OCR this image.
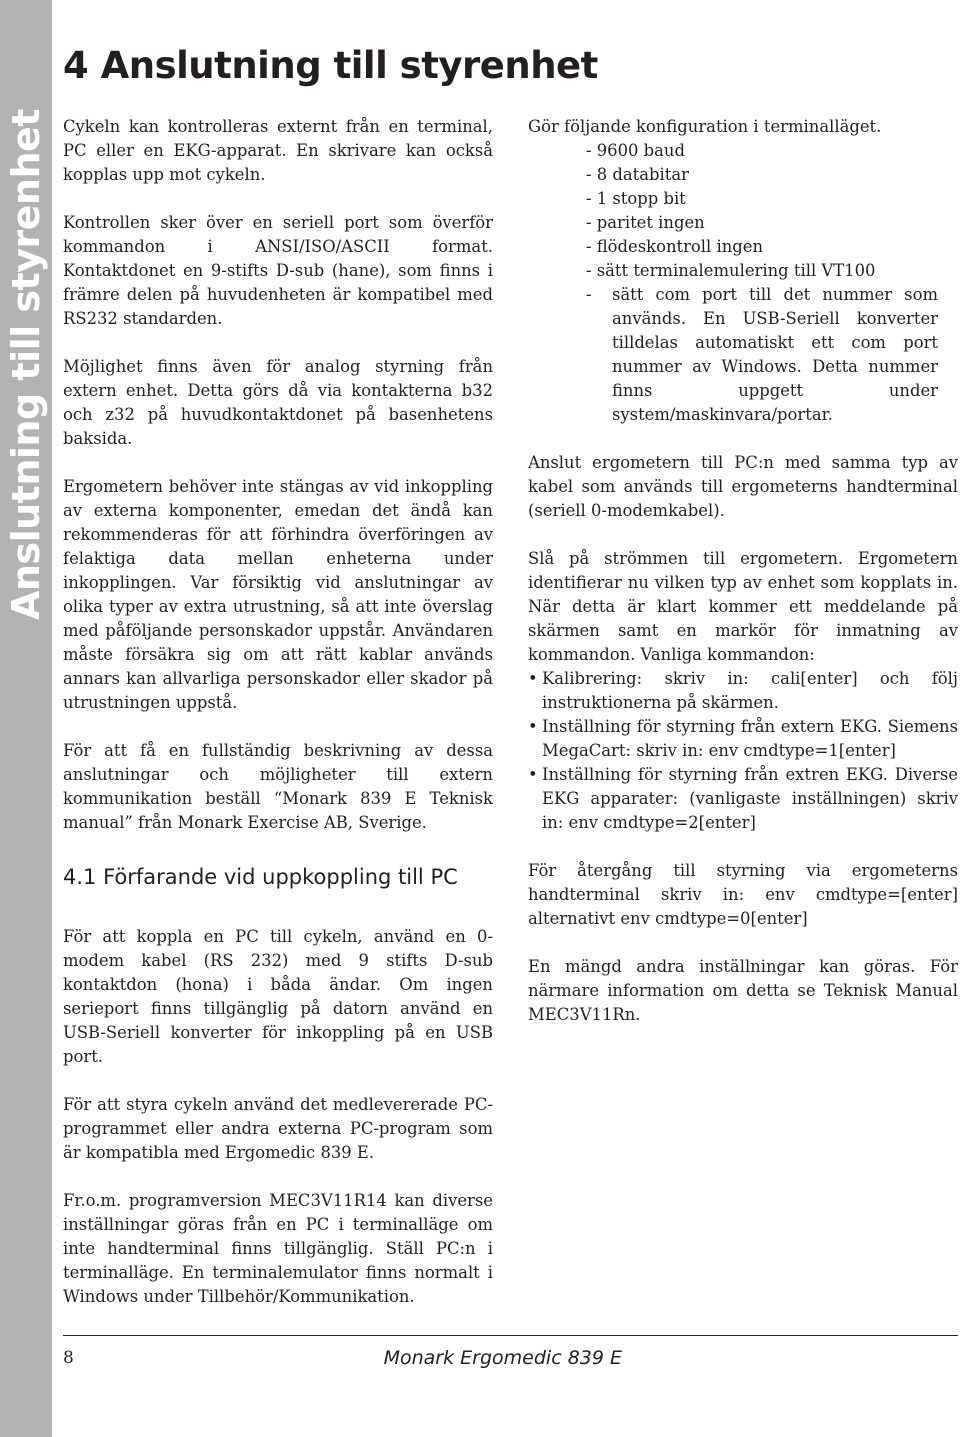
Anslutning till styrenhet
4 Anslutning till styrenhet

Cykeln kan kontrolleras externt från en terminal, PC eller en EKG-apparat. En skrivare kan också kopplas upp mot cykeln.

Kontrollen sker över en seriell port som överför kommandon i ANSI/ISO/ASCII format. Kontaktdonet en 9-stifts D-sub (hane), som finns i främre delen på huvudenheten är kompatibel med RS232 standarden.

Möjlighet finns även för analog styrning från extern enhet. Detta görs då via kontakterna b32 och z32 på huvudkontaktdonet på basenhetens baksida.

Ergometern behöver inte stängas av vid inkoppling av externa komponenter, emedan det ändå kan rekommenderas för att förhindra överföringen av felaktiga data mellan enheterna under inkopplingen. Var försiktig vid anslutningar av olika typer av extra utrustning, så att inte överslag med påföljande personskador uppstår. Användaren måste försäkra sig om att rätt kablar används annars kan allvarliga personskador eller skador på utrustningen uppstå.

För att få en fullständig beskrivning av dessa anslutningar och möjligheter till extern kommunikation beställ “Monark 839 E Teknisk manual” från Monark Exercise AB, Sverige.

4.1 Förfarande vid uppkoppling till PC

För att koppla en PC till cykeln, använd en 0-modem kabel (RS 232) med 9 stifts D-sub kontaktdon (hona) i båda ändar. Om ingen serieport finns tillgänglig på datorn använd en USB-Seriell konverter för inkoppling på en USB port.

För att styra cykeln använd det medlevererade PC-programmet eller andra externa PC-program som är kompatibla med Ergomedic 839 E.

Fr.o.m. programversion MEC3V11R14 kan diverse inställningar göras från en PC i terminalläge om inte handterminal finns tillgänglig. Ställ PC:n i terminalläge. En terminalemulator finns normalt i Windows under Tillbehör/Kommunikation.

Gör följande konfiguration i terminalläget.
- 9600 baud
- 8 databitar
- 1 stopp bit
- paritet ingen
- flödeskontroll ingen
- sätt terminalemulering till VT100
-	sätt com port till det nummer som används. En USB-Seriell konverter tilldelas automatiskt ett com port nummer av Windows. Detta nummer finns uppgett under system/maskinvara/portar.

Anslut ergometern till PC:n med samma typ av kabel som används till ergometerns handterminal (seriell 0-modemkabel).

Slå på strömmen till ergometern. Ergometern identifierar nu vilken typ av enhet som kopplats in. När detta är klart kommer ett meddelande på skärmen samt en markör för inmatning av kommandon. Vanliga kommandon:

• Kalibrering: skriv in: cali[enter] och följ instruktionerna på skärmen.
• Inställning för styrning från extern EKG. Siemens MegaCart: skriv in: env cmdtype=1[enter]
• Inställning för styrning från extren EKG. Diverse EKG apparater: (vanligaste inställningen) skriv in: env cmdtype=2[enter]

För återgång till styrning via ergometerns handterminal skriv in: env cmdtype=[enter] alternativt env cmdtype=0[enter]

En mängd andra inställningar kan göras. För närmare information om detta se Teknisk Manual MEC3V11Rn.

8	Monark Ergomedic 839 E
